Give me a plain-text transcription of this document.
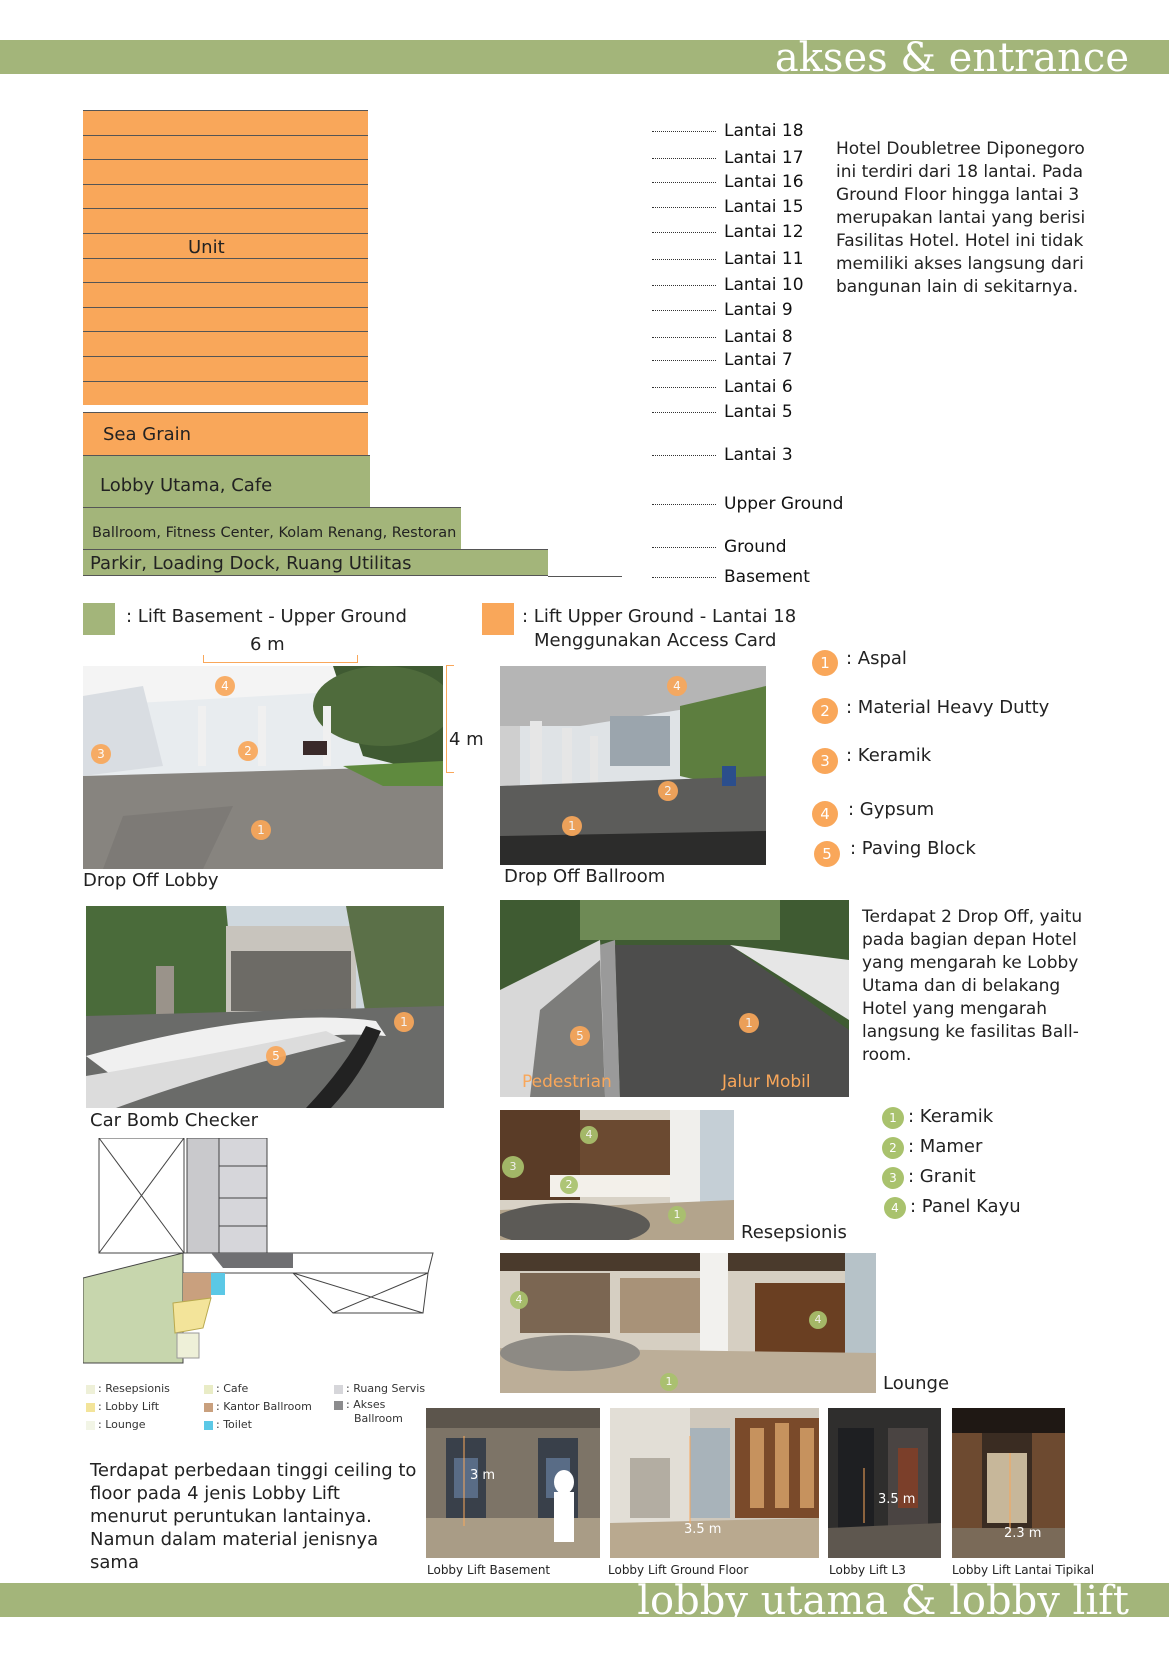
akses & entrance
Unit
Sea Grain
Lobby Utama, Cafe
Ballroom, Fitness Center, Kolam Renang, Restoran
Parkir, Loading Dock, Ruang Utilitas
Lantai 18
Lantai 17
Lantai 16
Lantai 15
Lantai 12
Lantai 11
Lantai 10
Lantai 9
Lantai 8
Lantai 7
Lantai 6
Lantai 5
Lantai 3
Upper Ground
Ground
Basement
Hotel Doubletree Diponegoro ini terdiri dari 18 lantai. Pada Ground Floor hingga lantai 3 merupakan lantai yang berisi Fasilitas Hotel. Hotel ini tidak memiliki akses langsung dari bangunan lain di sekitarnya.
: Lift Basement - Upper Ground	: Lift Upper Ground - Lantai 18
Menggunakan Access Card
6 m
4 m
4
2
3
1
Drop Off Lobby
4
2
1
Drop Off Ballroom
1 : Aspal
2 : Material Heavy Dutty
3 : Keramik
4	: Gypsum
5	: Paving Block
1
5
Car Bomb Checker
5
1
Pedestrian	Jalur Mobil
Terdapat 2 Drop Off, yaitu pada bagian depan Hotel yang mengarah ke Lobby Utama dan di belakang Hotel yang mengarah langsung ke fasilitas Ball-room.
: Resepsionis
: Lobby Lift
: Lounge
: Cafe
: Kantor Ballroom
: Toilet
: Ruang Servis
: Akses
Ballroom
4
3
2
1
Resepsionis
1 : Keramik
2 : Mamer
3 : Granit
4 : Panel Kayu
4
4
1	Lounge
Terdapat perbedaan tinggi ceiling to floor pada 4 jenis Lobby Lift menurut peruntukan lantainya. Namun dalam material jenisnya sama
3 m
Lobby Lift Basement
3.5 m
Lobby Lift Ground Floor
3.5 m
Lobby Lift L3
2.3 m
Lobby Lift Lantai Tipikal
lobby utama & lobby lift
